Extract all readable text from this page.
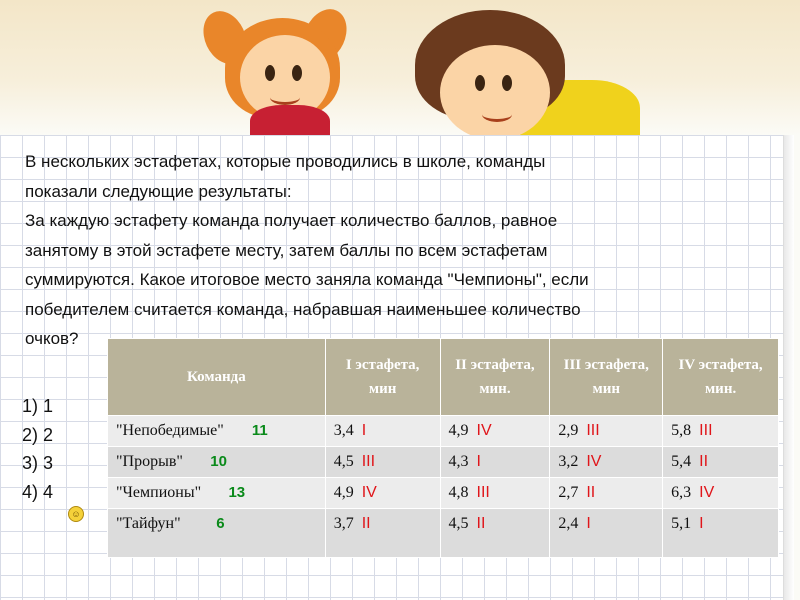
В нескольких эстафетах, которые проводились в школе, команды
показали следующие результаты:
За каждую эстафету команда получает количество баллов, равное
занятому в этой эстафете месту, затем баллы по всем эстафетам
суммируются. Какое итоговое место заняла команда "Чемпионы", если
победителем считается команда, набравшая наименьшее количество
очков?
1) 1
2) 2
3) 3
4) 4
☺
Команда	I эстафета, мин	II эстафета, мин.	III эстафета, мин	IV эстафета, мин.
"Непобедимые" 11	3,4 I	4,9 IV	2,9 III	5,8 III
"Прорыв" 10	4,5 III	4,3 I	3,2 IV	5,4 II
"Чемпионы" 13	4,9 IV	4,8 III	2,7 II	6,3 IV
"Тайфун" 6	3,7 II	4,5 II	2,4 I	5,1 I
